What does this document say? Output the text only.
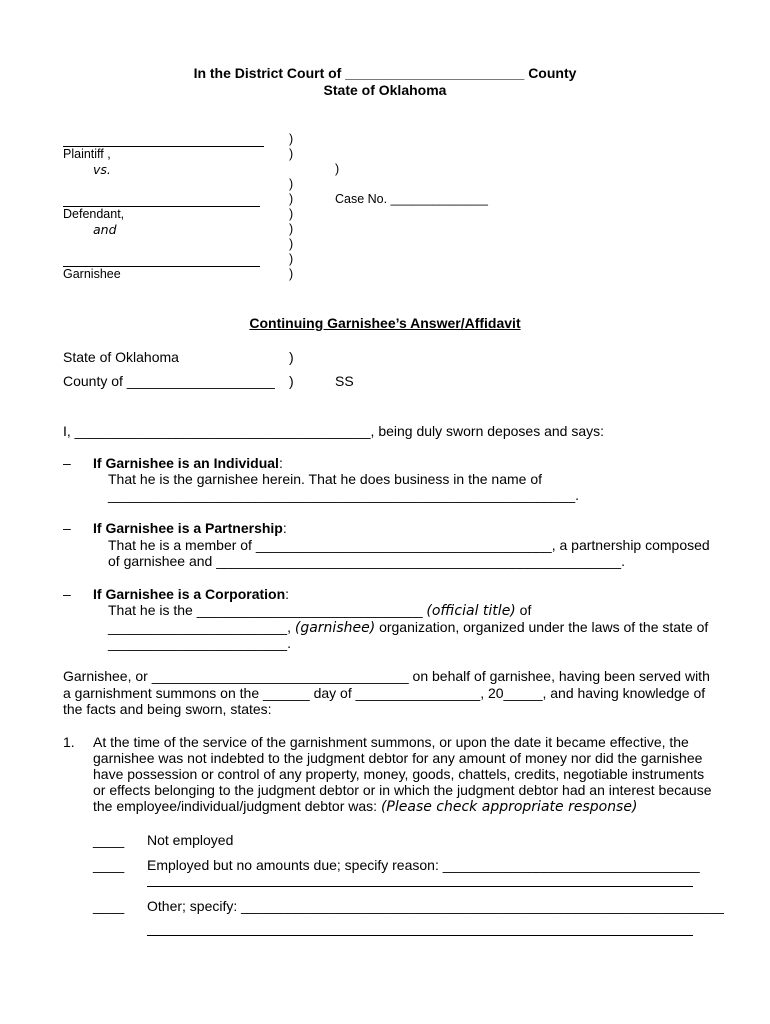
In the District Court of _______________________ County
State of Oklahoma
Plaintiff ,
vs.
Defendant,
and
Garnishee
)
)
)
)
)
)
)
)
)
)
Case No. ______________
Continuing Garnishee’s Answer/Affidavit
State of Oklahoma	)
County of ___________________ )	SS
I, ______________________________________, being duly sworn deposes and says:
– If Garnishee is an Individual:
That he is the garnishee herein. That he does business in the name of
____________________________________________________________.
– If Garnishee is a Partnership:
That he is a member of ______________________________________, a partnership composed
of garnishee and ____________________________________________________.
– If Garnishee is a Corporation:
That he is the _____________________________ (official title) of
_______________________, (garnishee) organization, organized under the laws of the state of
_______________________.
Garnishee, or _________________________________ on behalf of garnishee, having been served with
a garnishment summons on the ______ day of ________________, 20_____, and having knowledge of
the facts and being sworn, states:
1. At the time of the service of the garnishment summons, or upon the date it became effective, the
garnishee was not indebted to the judgment debtor for any amount of money nor did the garnishee
have possession or control of any property, money, goods, chattels, credits, negotiable instruments
or effects belonging to the judgment debtor or in which the judgment debtor had an interest because
the employee/individual/judgment debtor was: (Please check appropriate response)
____ Not employed
____ Employed but no amounts due; specify reason: _________________________________
____ Other; specify: ______________________________________________________________
